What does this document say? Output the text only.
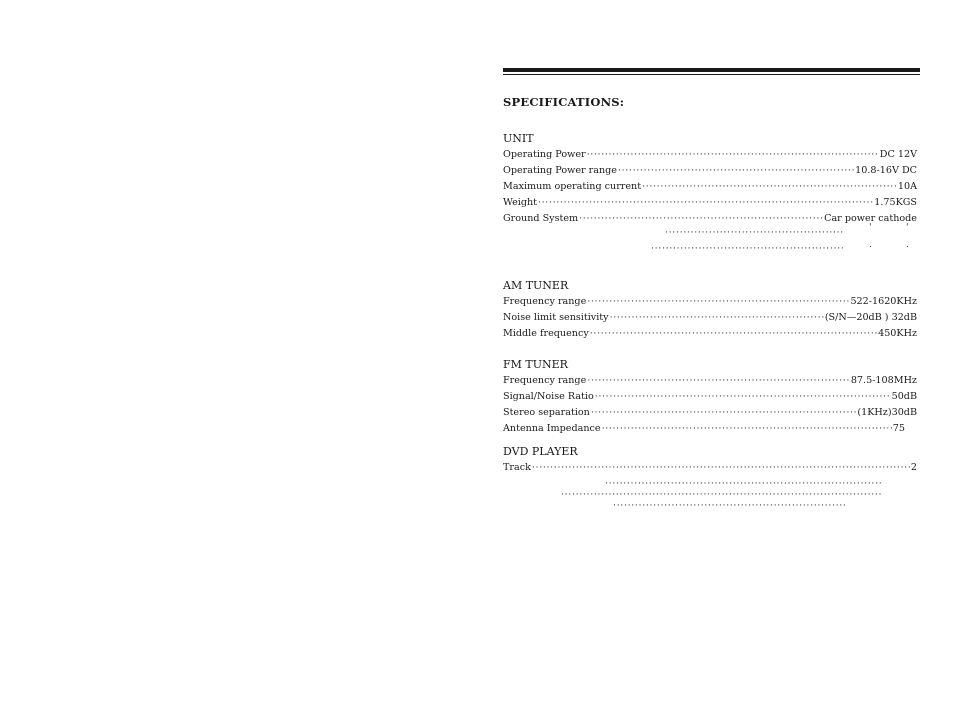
SPECIFICATIONS:
UNIT
Operating Power ·····	DC 12V
Operating Power range ·····	10.8-16V DC
Maximum operating current ·····	10A
Weight ·····	1.75KGS
Ground System ·····	Car power cathode
·····
'	'
·····
.	.
AM TUNER
Frequency range ·····	522-1620KHz
Noise limit sensitivity ·····	(S/N—20dB ) 32dB
Middle frequency ·····	450KHz
FM TUNER
Frequency range ·····	87.5-108MHz
Signal/Noise Ratio ·····	50dB
Stereo separation ·····	(1KHz)30dB
Antenna Impedance ·····	75
DVD PLAYER
Track ·····	2
·····
·····
·····
